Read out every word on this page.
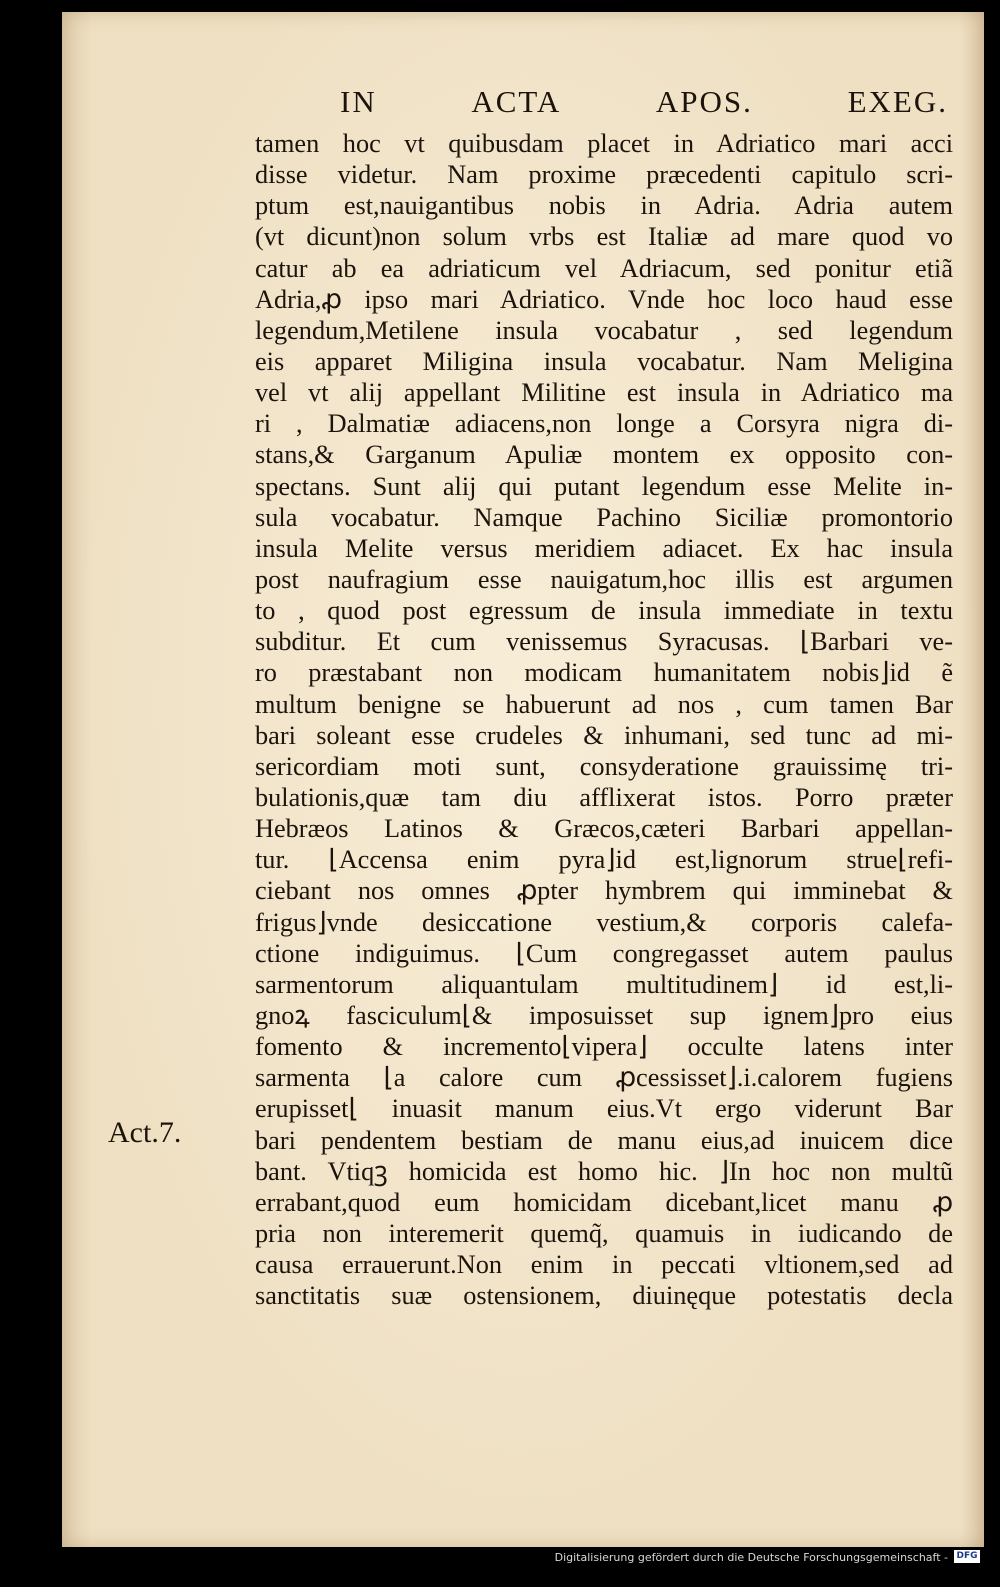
IN	ACTA	APOS.	EXEG.
tamen hoc vt quibusdam placet in Adriatico mari acci
disse videtur. Nam proxime præcedenti capitulo scri-
ptum est,nauigantibus nobis in Adria. Adria autem
(vt dicunt)non solum vrbs est Italiæ ad mare quod vo
catur ab ea adriaticum vel Adriacum, sed ponitur etiã
Adria,ꝓ ipso mari Adriatico. Vnde hoc loco haud esse
legendum,Metilene insula vocabatur , sed legendum
eis apparet Miligina insula vocabatur. Nam Meligina
vel vt alij appellant Militine est insula in Adriatico ma
ri , Dalmatiæ adiacens,non longe a Corsyra nigra di-
stans,& Garganum Apuliæ montem ex opposito con-
spectans. Sunt alij qui putant legendum esse Melite in-
sula vocabatur. Namque Pachino Siciliæ promontorio
insula Melite versus meridiem adiacet. Ex hac insula
post naufragium esse nauigatum,hoc illis est argumen
to , quod post egressum de insula immediate in textu
subditur. Et cum venissemus Syracusas. ⌊Barbari ve-
ro præstabant non modicam humanitatem nobis⌋id ẽ
multum benigne se habuerunt ad nos , cum tamen Bar
bari soleant esse crudeles & inhumani, sed tunc ad mi-
sericordiam moti sunt, consyderatione grauissimę tri-
bulationis,quæ tam diu afflixerat istos. Porro præter
Hebræos Latinos & Græcos,cæteri Barbari appellan-
tur. ⌊Accensa enim pyra⌋id est,lignorum strue⌊refi-
ciebant nos omnes ꝓpter hymbrem qui imminebat &
frigus⌋vnde desiccatione vestium,& corporis calefa-
ctione indiguimus. ⌊Cum congregasset autem paulus
sarmentorum aliquantulam multitudinem⌋ id est,li-
gnoꝝ fasciculum⌊& imposuisset sup ignem⌋pro eius
fomento & incremento⌊vipera⌋ occulte latens inter
sarmenta ⌊a calore cum ꝓcessisset⌋.i.calorem fugiens
erupisset⌊ inuasit manum eius.Vt ergo viderunt Bar
bari pendentem bestiam de manu eius,ad inuicem dice
bant. Vtiqꝫ homicida est homo hic. ⌋In hoc non multũ
errabant,quod eum homicidam dicebant,licet manu ꝓ
pria non interemerit quemq̃, quamuis in iudicando de
causa errauerunt.Non enim in peccati vltionem,sed ad
sanctitatis suæ ostensionem, diuinęque potestatis decla
Act.7.
Digitalisierung gefördert durch die Deutsche Forschungsgemeinschaft - DFG
